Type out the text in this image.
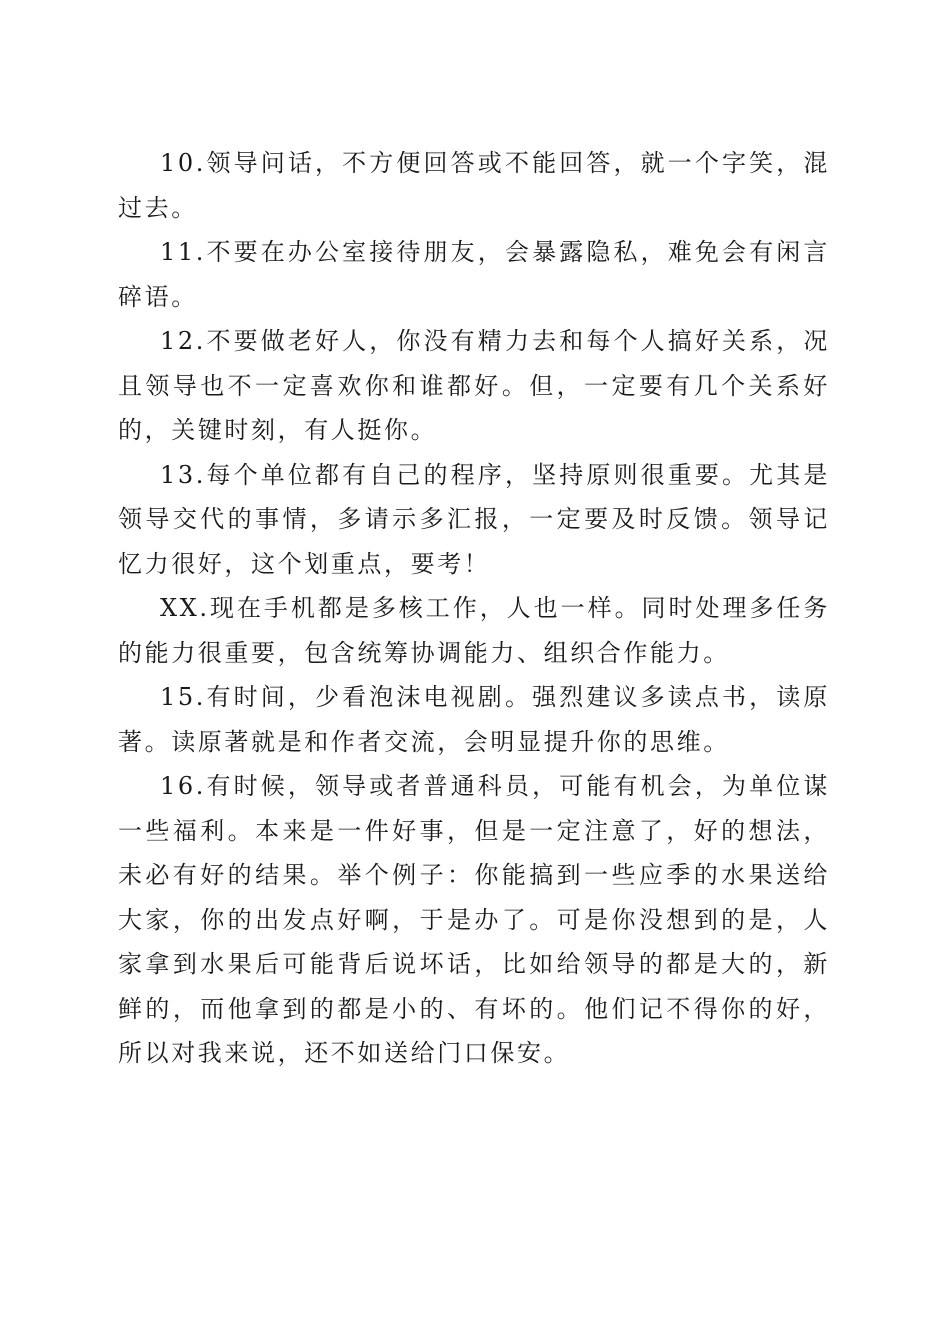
10.领导问话，不方便回答或不能回答，就一个字笑，混过去。

11.不要在办公室接待朋友，会暴露隐私，难免会有闲言碎语。

12.不要做老好人，你没有精力去和每个人搞好关系，况且领导也不一定喜欢你和谁都好。但，一定要有几个关系好的，关键时刻，有人挺你。

13.每个单位都有自己的程序，坚持原则很重要。尤其是领导交代的事情，多请示多汇报，一定要及时反馈。领导记忆力很好，这个划重点，要考！

XX.现在手机都是多核工作，人也一样。同时处理多任务的能力很重要，包含统筹协调能力、组织合作能力。

15.有时间，少看泡沫电视剧。强烈建议多读点书，读原著。读原著就是和作者交流，会明显提升你的思维。

16.有时候，领导或者普通科员，可能有机会，为单位谋一些福利。本来是一件好事，但是一定注意了，好的想法，未必有好的结果。举个例子：你能搞到一些应季的水果送给大家，你的出发点好啊，于是办了。可是你没想到的是，人家拿到水果后可能背后说坏话，比如给领导的都是大的，新鲜的，而他拿到的都是小的、有坏的。他们记不得你的好，所以对我来说，还不如送给门口保安。
